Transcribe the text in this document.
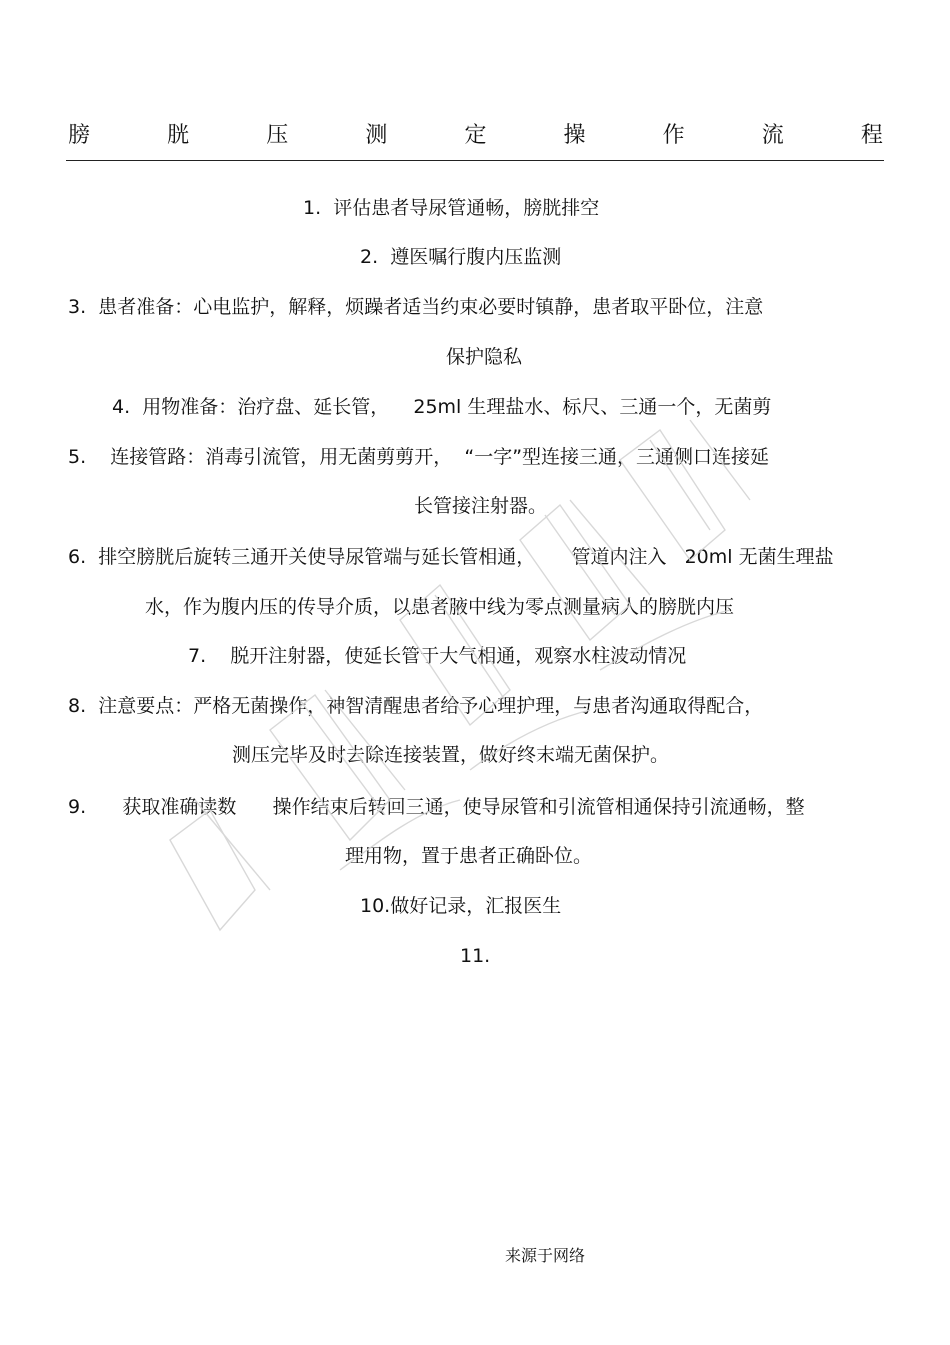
膀	胱	压	测	定	操	作	流	程
1.  评估患者导尿管通畅，膀胱排空
2.  遵医嘱行腹内压监测
3.  患者准备：心电监护，解释，烦躁者适当约束必要时镇静，患者取平卧位，注意
保护隐私
4.  用物准备：治疗盘、延长管，    25ml 生理盐水、标尺、三通一个，无菌剪
5.    连接管路：消毒引流管，用无菌剪剪开，  “一字”型连接三通，三通侧口连接延
长管接注射器。
6.  排空膀胱后旋转三通开关使导尿管端与延长管相通，      管道内注入   20ml 无菌生理盐
水，作为腹内压的传导介质，以患者腋中线为零点测量病人的膀胱内压
7.    脱开注射器，使延长管于大气相通，观察水柱波动情况
8.  注意要点：严格无菌操作，神智清醒患者给予心理护理，与患者沟通取得配合，
测压完毕及时去除连接装置，做好终末端无菌保护。
9.      获取准确读数      操作结束后转回三通，使导尿管和引流管相通保持引流通畅，整
理用物，置于患者正确卧位。
10.做好记录，汇报医生
11.
来源于网络
